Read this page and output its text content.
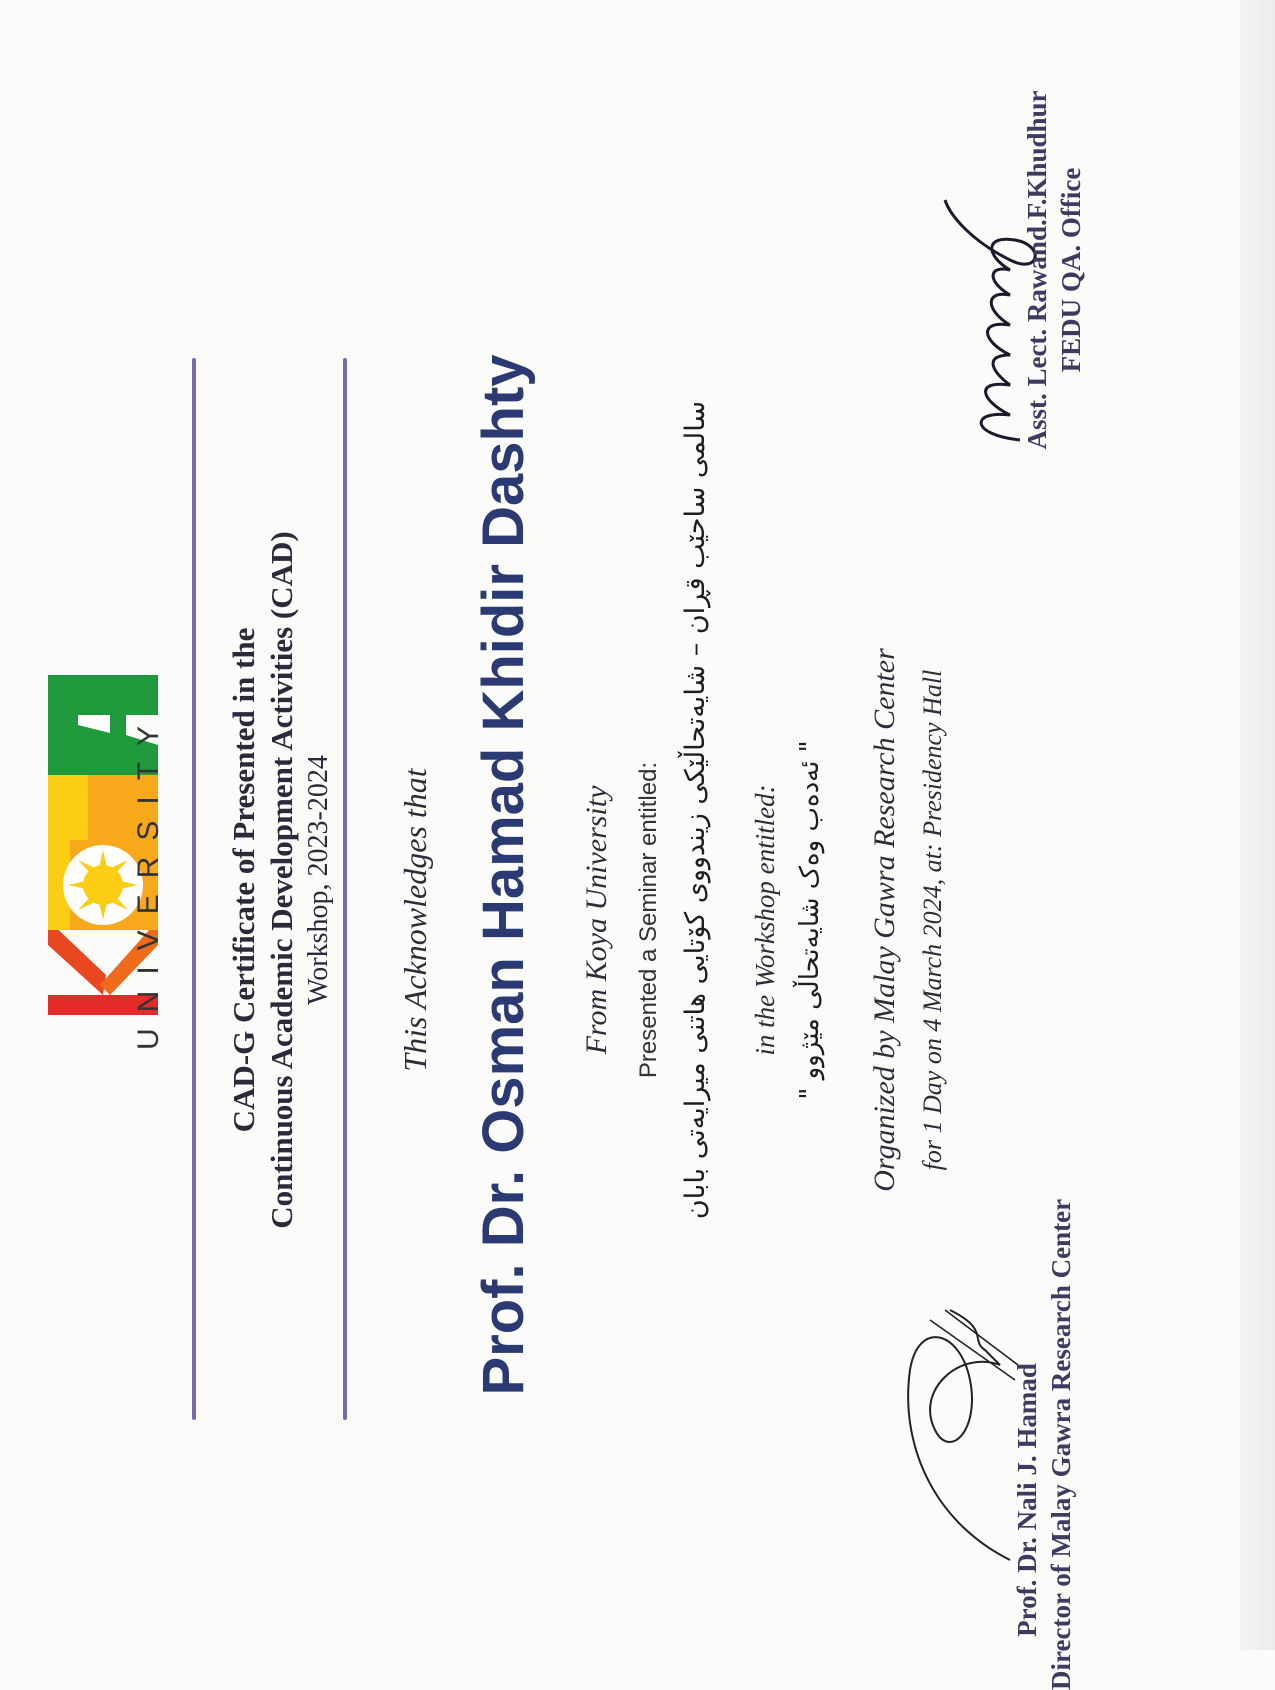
UNIVERSITY CAD-G Certificate of Presented in the Continuous Academic Development Activities (CAD) Workshop, 2023-2024 This Acknowledges that Prof. Dr. Osman Hamad Khidir Dashty From Koya University Presented a Seminar entitled: سالمی ساحێب قڕان – شایەتحاڵێکی زیندووی کۆتایی هاتنی میرایەتی بابان in the Workshop entitled: " ئەدەب وەک شایەتحاڵی مێژوو " Organized by Malay Gawra Research Center for 1 Day on 4 March 2024, at: Presidency Hall
Prof. Dr. Nali J. Hamad Director of Malay Gawra Research Center
Asst. Lect. Rawand.F.Khudhur FEDU QA. Office
